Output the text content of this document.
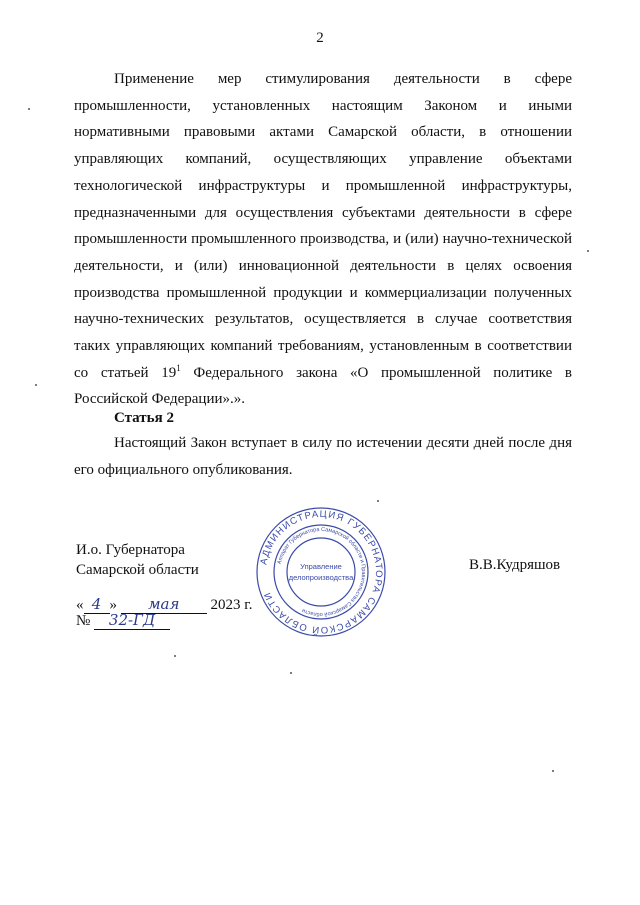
2
Применение мер стимулирования деятельности в сфере промышленности, установленных настоящим Законом и иными нормативными правовыми актами Самарской области, в отношении управляющих компаний, осуществляющих управление объектами технологической инфраструктуры и промышленной инфраструктуры, предназначенными для осуществления субъектами деятельности в сфере промышленности промышленного производства, и (или) научно-технической деятельности, и (или) инновационной деятельности в целях освоения производства промышленной продукции и коммерциализации полученных научно-технических результатов, осуществляется в случае соответствия таких управляющих компаний требованиям, установленным в соответствии со статьей $19^1$ Федерального закона «О промышленной политике в Российской Федерации».».
Статья 2
Настоящий Закон вступает в силу по истечении десяти дней после дня его официального опубликования.
И.о. Губернатора
Самарской области	В.В.Кудряшов
« 4 » мая 2023 г.
№ 32-ГД
АДМИНИСТРАЦИЯ ГУБЕРНАТОРА САМАРСКОЙ ОБЛАСТИ
Аппарат Губернатора Самарской области и Правительства Самарской области
Управление
делопроизводства
